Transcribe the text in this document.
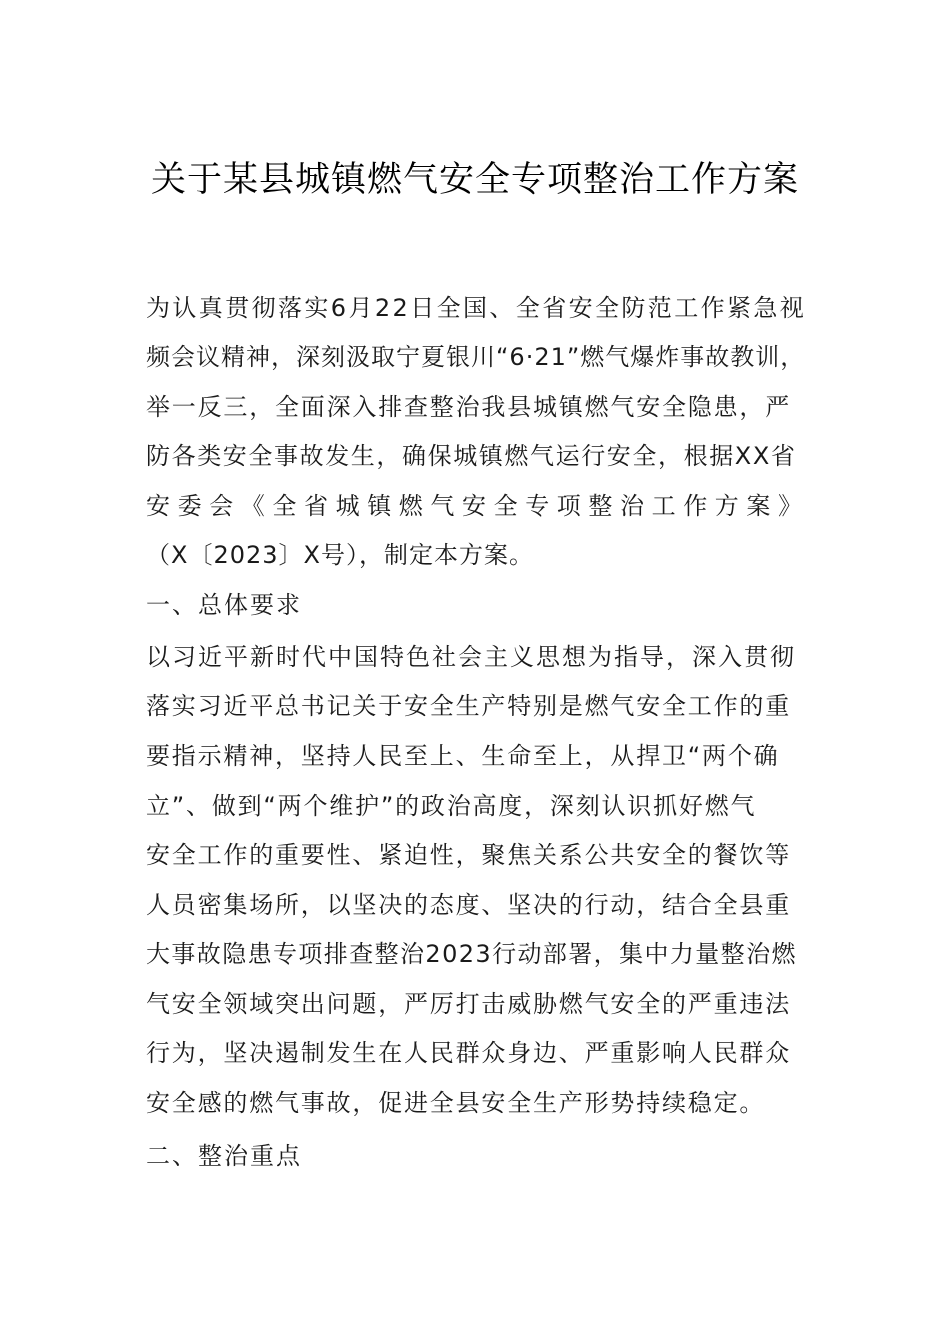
关于某县城镇燃气安全专项整治工作方案
为认真贯彻落实6月22日全国、全省安全防范工作紧急视
频会议精神，深刻汲取宁夏银川“6·21”燃气爆炸事故教训，
举一反三，全面深入排查整治我县城镇燃气安全隐患，严
防各类安全事故发生，确保城镇燃气运行安全，根据XX省
安委会《全省城镇燃气安全专项整治工作方案》
（X〔2023〕X号），制定本方案。
一、总体要求
以习近平新时代中国特色社会主义思想为指导，深入贯彻
落实习近平总书记关于安全生产特别是燃气安全工作的重
要指示精神，坚持人民至上、生命至上，从捍卫“两个确
立”、做到“两个维护”的政治高度，深刻认识抓好燃气
安全工作的重要性、紧迫性，聚焦关系公共安全的餐饮等
人员密集场所，以坚决的态度、坚决的行动，结合全县重
大事故隐患专项排查整治2023行动部署，集中力量整治燃
气安全领域突出问题，严厉打击威胁燃气安全的严重违法
行为，坚决遏制发生在人民群众身边、严重影响人民群众
安全感的燃气事故，促进全县安全生产形势持续稳定。
二、整治重点
